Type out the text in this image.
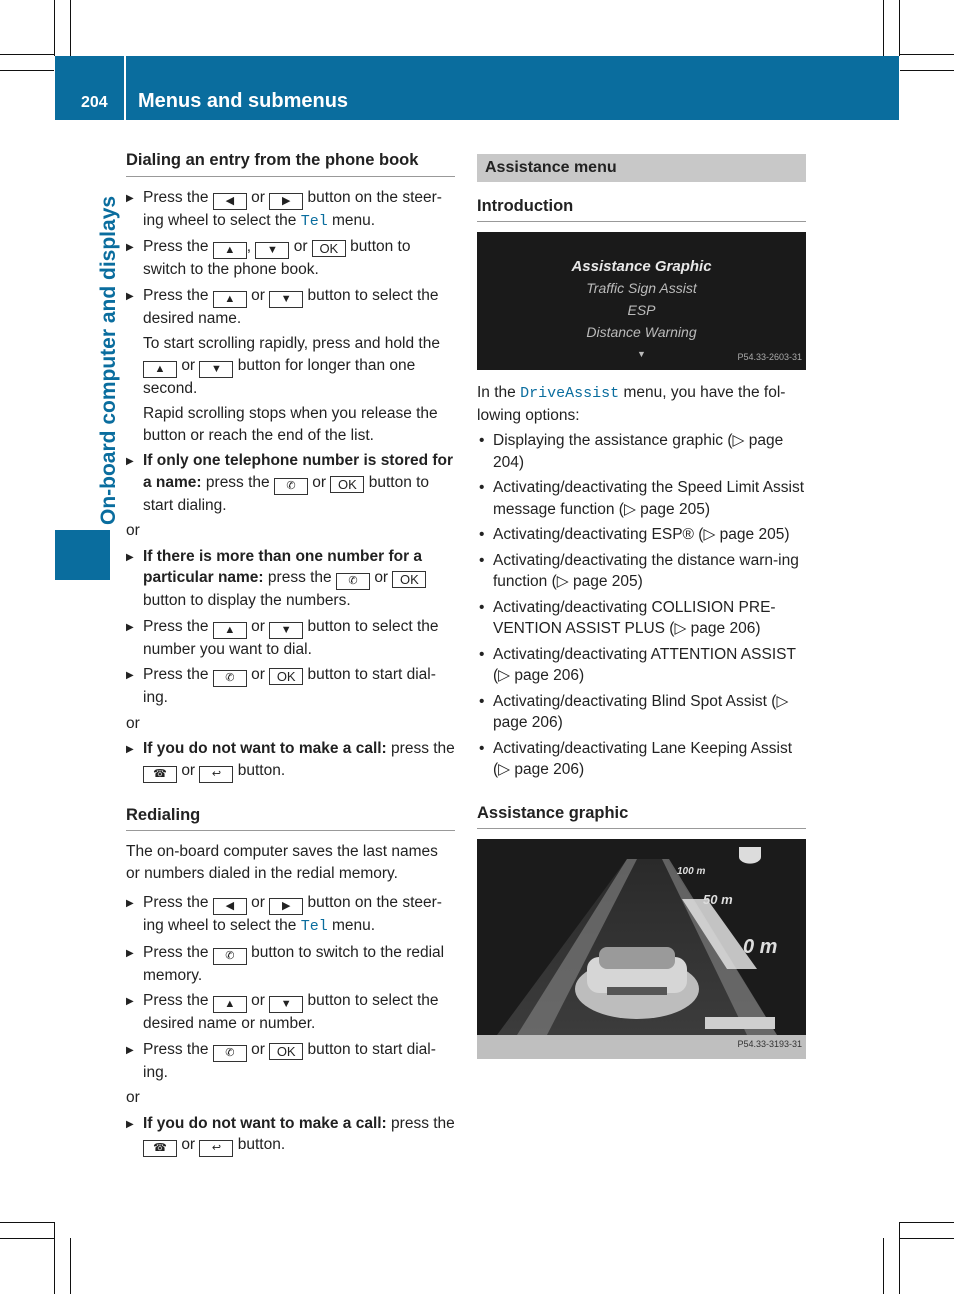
204 Menus and submenus
On-board computer and displays
Dialing an entry from the phone book
▶ Press the ◀ or ▶ button on the steer-ing wheel to select the Tel menu.
▶ Press the ▲ , ▼ or OK button to switch to the phone book.
▶ Press the ▲ or ▼ button to select the desired name.
To start scrolling rapidly, press and hold the ▲ or ▼ button for longer than one second.
Rapid scrolling stops when you release the button or reach the end of the list.
▶ If only one telephone number is stored for a name: press the ✆ or OK button to start dialing.
or
▶ If there is more than one number for a particular name: press the ✆ or OK button to display the numbers.
▶ Press the ▲ or ▼ button to select the number you want to dial.
▶ Press the ✆ or OK button to start dial-ing.
or
▶ If you do not want to make a call: press the ☎ or ↩ button.
Redialing
The on-board computer saves the last names or numbers dialed in the redial memory.
▶ Press the ◀ or ▶ button on the steer-ing wheel to select the Tel menu.
▶ Press the ✆ button to switch to the redial memory.
▶ Press the ▲ or ▼ button to select the desired name or number.
▶ Press the ✆ or OK button to start dial-ing.
or
▶ If you do not want to make a call: press the ☎ or ↩ button.
Assistance menu
Introduction
Assistance Graphic
Traffic Sign Assist
ESP
Distance Warning
▼	P54.33-2603-31
In the DriveAssist menu, you have the fol-lowing options:
• Displaying the assistance graphic (▷ page 204)
• Activating/deactivating the Speed Limit Assist message function (▷ page 205)
• Activating/deactivating ESP® (▷ page 205)
• Activating/deactivating the distance warn-ing function (▷ page 205)
• Activating/deactivating COLLISION PRE-VENTION ASSIST PLUS (▷ page 206)
• Activating/deactivating ATTENTION ASSIST (▷ page 206)
• Activating/deactivating Blind Spot Assist (▷ page 206)
• Activating/deactivating Lane Keeping Assist (▷ page 206)
Assistance graphic
100 m
50 m
0 m
P54.33-3193-31
